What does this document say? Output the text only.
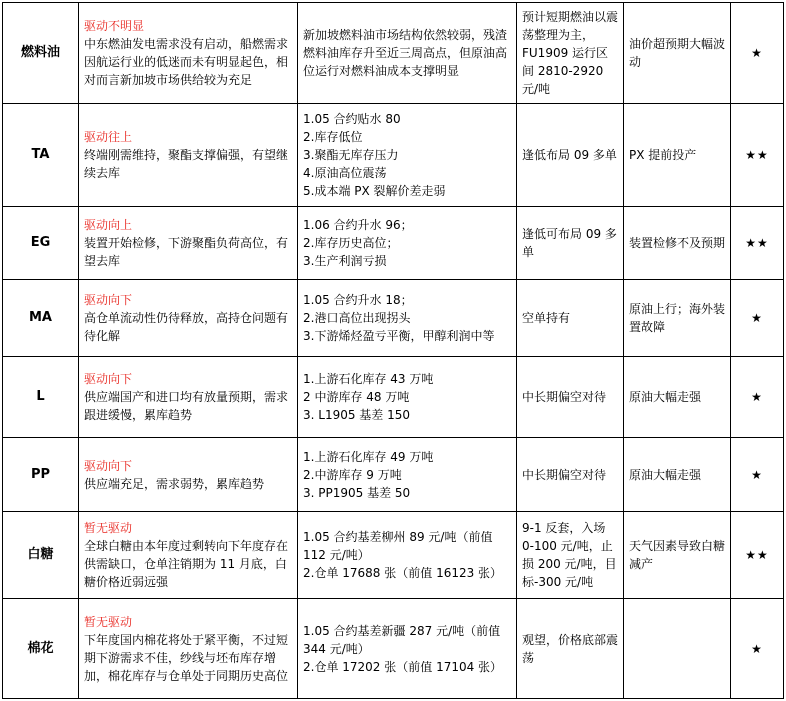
燃料油	驱动不明显
中东燃油发电需求没有启动，船燃需求因航运行业的低迷而未有明显起色，相对而言新加坡市场供给较为充足	新加坡燃料油市场结构依然较弱，残渣燃料油库存升至近三周高点，但原油高位运行对燃料油成本支撑明显	预计短期燃油以震荡整理为主，FU1909 运行区间 2810-2920 元/吨	油价超预期大幅波动	★
TA	驱动往上
终端刚需维持，聚酯支撑偏强，有望继续去库	1.05 合约贴水 80
2.库存低位
3.聚酯无库存压力
4.原油高位震荡
5.成本端 PX 裂解价差走弱	逢低布局 09 多单	PX 提前投产	★★
EG	驱动向上
装置开始检修，下游聚酯负荷高位，有望去库	1.06 合约升水 96；
2.库存历史高位；
3.生产利润亏损	逢低可布局 09 多单	装置检修不及预期	★★
MA	驱动向下
高仓单流动性仍待释放，高持仓问题有待化解	1.05 合约升水 18；
2.港口高位出现拐头
3.下游烯烃盈亏平衡，甲醇利润中等	空单持有	原油上行；海外装置故障	★
L	驱动向下
供应端国产和进口均有放量预期，需求跟进缓慢，累库趋势	1.上游石化库存 43 万吨
2 中游库存 48 万吨
3. L1905 基差 150	中长期偏空对待	原油大幅走强	★
PP	驱动向下
供应端充足，需求弱势，累库趋势	1.上游石化库存 49 万吨
2.中游库存 9 万吨
3. PP1905 基差 50	中长期偏空对待	原油大幅走强	★
白糖	暂无驱动
全球白糖由本年度过剩转向下年度存在供需缺口，仓单注销期为 11 月底，白糖价格近弱远强	1.05 合约基差柳州 89 元/吨（前值 112 元/吨）
2.仓单 17688 张（前值 16123 张）	9-1 反套，入场 0-100 元/吨，止损 200 元/吨，目标-300 元/吨	天气因素导致白糖减产	★★
棉花	暂无驱动
下年度国内棉花将处于紧平衡，不过短期下游需求不佳，纱线与坯布库存增加，棉花库存与仓单处于同期历史高位	1.05 合约基差新疆 287 元/吨（前值 344 元/吨）
2.仓单 17202 张（前值 17104 张）	观望，价格底部震荡		★
